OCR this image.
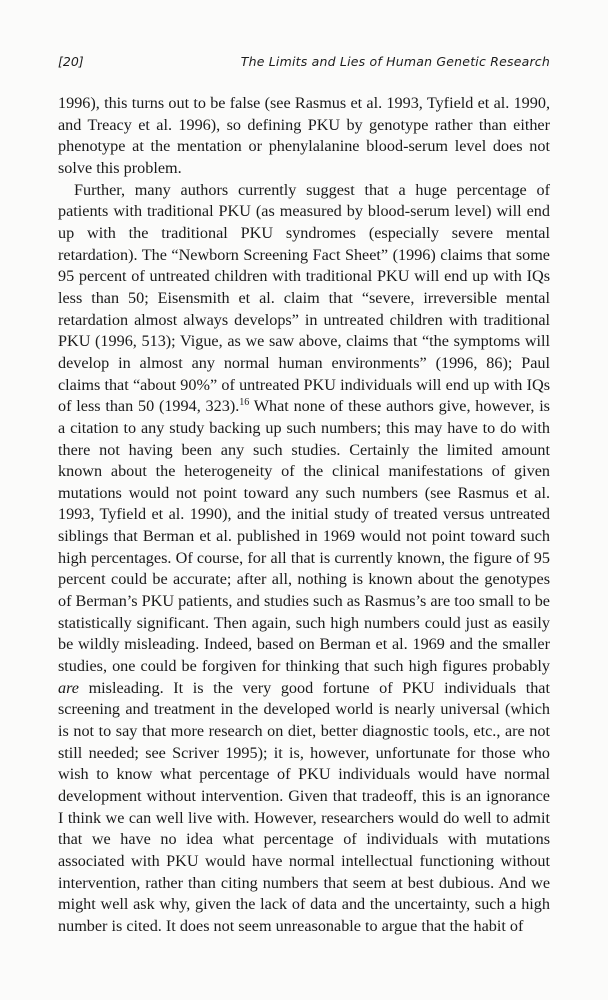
[20]	The Limits and Lies of Human Genetic Research

1996), this turns out to be false (see Rasmus et al. 1993, Tyfield et al. 1990, and Treacy et al. 1996), so defining PKU by genotype rather than either phenotype at the mentation or phenylalanine blood-serum level does not solve this problem.

Further, many authors currently suggest that a huge percentage of patients with traditional PKU (as measured by blood-serum level) will end up with the traditional PKU syndromes (especially severe mental retardation). The “Newborn Screening Fact Sheet” (1996) claims that some 95 percent of untreated children with traditional PKU will end up with IQs less than 50; Eisensmith et al. claim that “severe, irreversible mental retardation almost always develops” in untreated children with traditional PKU (1996, 513); Vigue, as we saw above, claims that “the symptoms will develop in almost any normal human environments” (1996, 86); Paul claims that “about 90%” of untreated PKU individuals will end up with IQs of less than 50 (1994, 323).$^{16}$ What none of these authors give, however, is a citation to any study backing up such numbers; this may have to do with there not having been any such studies. Certainly the limited amount known about the heterogeneity of the clinical manifestations of given mutations would not point toward any such numbers (see Rasmus et al. 1993, Tyfield et al. 1990), and the initial study of treated versus untreated siblings that Berman et al. published in 1969 would not point toward such high percentages. Of course, for all that is currently known, the figure of 95 percent could be accurate; after all, nothing is known about the genotypes of Berman’s PKU patients, and studies such as Rasmus’s are too small to be statistically significant. Then again, such high numbers could just as easily be wildly misleading. Indeed, based on Berman et al. 1969 and the smaller studies, one could be forgiven for thinking that such high figures probably are misleading. It is the very good fortune of PKU individuals that screening and treatment in the developed world is nearly universal (which is not to say that more research on diet, better diagnostic tools, etc., are not still needed; see Scriver 1995); it is, however, unfortunate for those who wish to know what percentage of PKU individuals would have normal development without intervention. Given that tradeoff, this is an ignorance I think we can well live with. However, researchers would do well to admit that we have no idea what percentage of individuals with mutations associated with PKU would have normal intellectual functioning without intervention, rather than citing numbers that seem at best dubious. And we might well ask why, given the lack of data and the uncertainty, such a high number is cited. It does not seem unreasonable to argue that the habit of
